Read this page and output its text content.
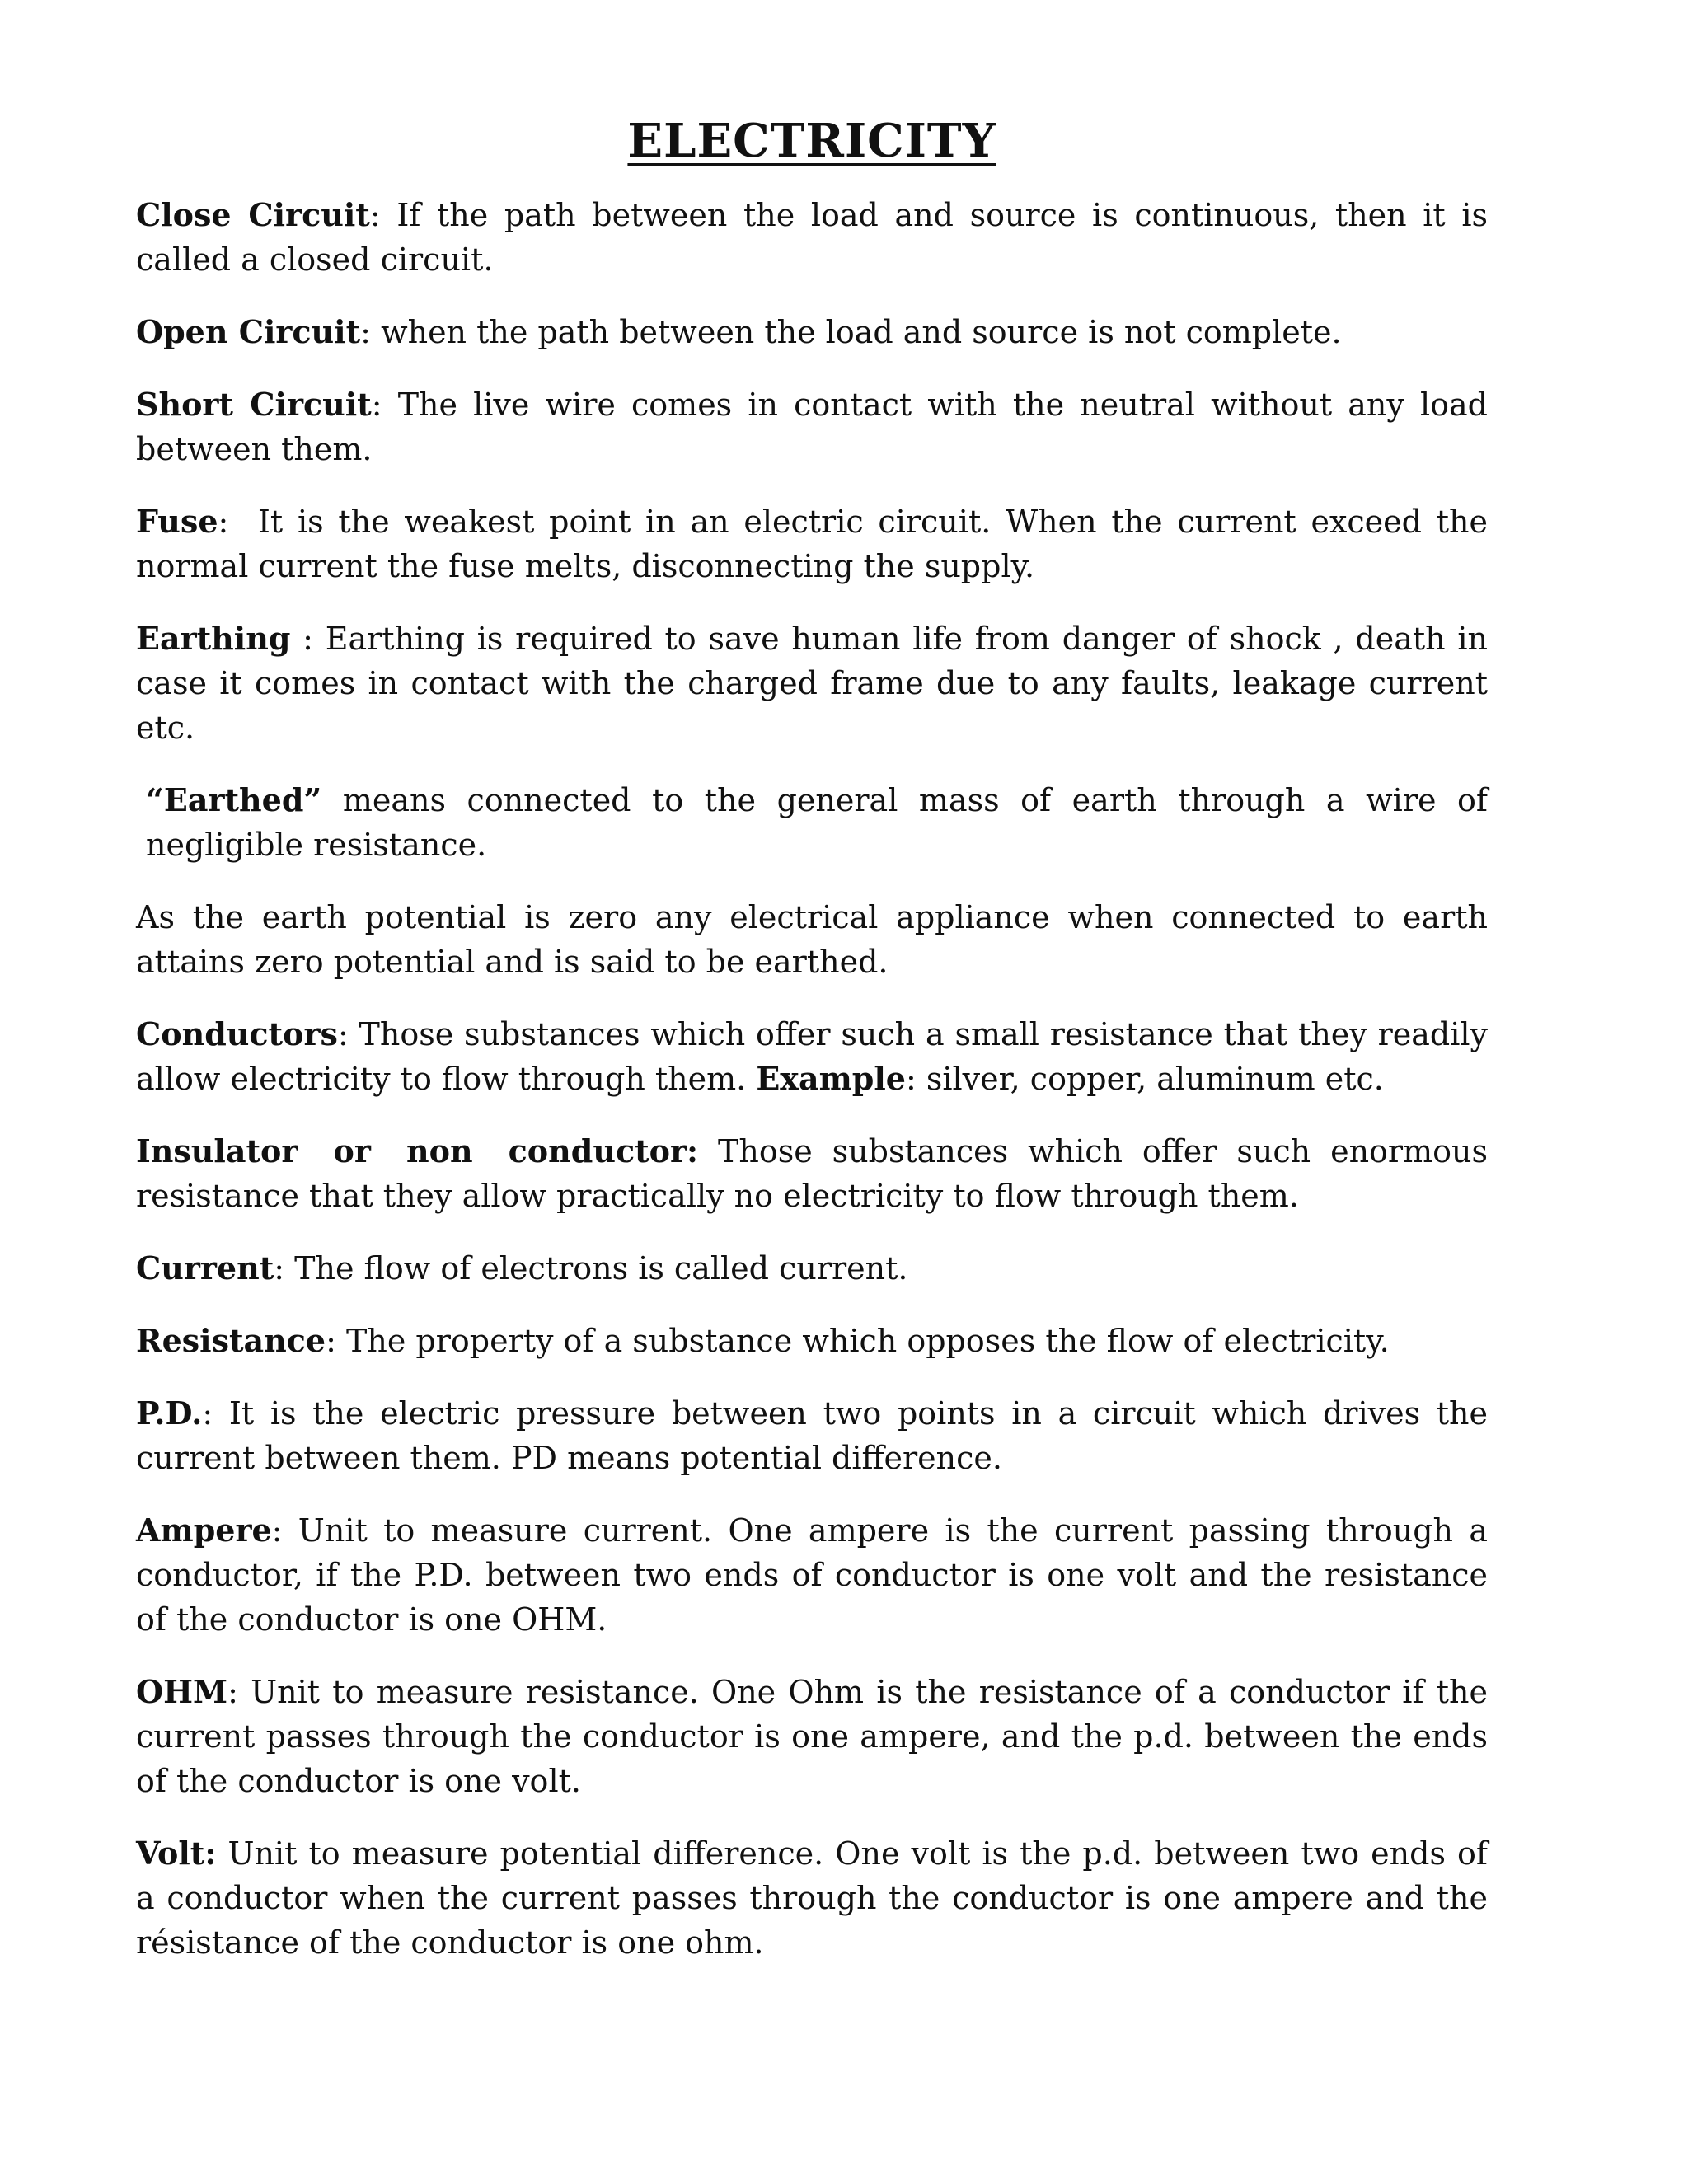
ELECTRICITY

Close Circuit: If the path between the load and source is continuous, then it is called a closed circuit.

Open Circuit: when the path between the load and source is not complete.

Short Circuit: The live wire comes in contact with the neutral without any load between them.

Fuse:  It is the weakest point in an electric circuit. When the current exceed the normal current the fuse melts, disconnecting the supply.

Earthing : Earthing is required to save human life from danger of shock , death in case it comes in contact with the charged frame due to any faults, leakage current etc.

“Earthed” means connected to the general mass of earth through a wire of negligible resistance.

As the earth potential is zero any electrical appliance when connected to earth attains zero potential and is said to be earthed.

Conductors: Those substances which offer such a small resistance that they readily allow electricity to flow through them. Example: silver, copper, aluminum etc.

Insulator or non conductor: Those substances which offer such enormous resistance that they allow practically no electricity to flow through them.

Current: The flow of electrons is called current.

Resistance: The property of a substance which opposes the flow of electricity.

P.D.: It is the electric pressure between two points in a circuit which drives the current between them. PD means potential difference.

Ampere: Unit to measure current. One ampere is the current passing through a conductor, if the P.D. between two ends of conductor is one volt and the resistance of the conductor is one OHM.

OHM: Unit to measure resistance. One Ohm is the resistance of a conductor if the current passes through the conductor is one ampere, and the p.d. between the ends of the conductor is one volt.

Volt: Unit to measure potential difference. One volt is the p.d. between two ends of a conductor when the current passes through the conductor is one ampere and the résistance of the conductor is one ohm.
